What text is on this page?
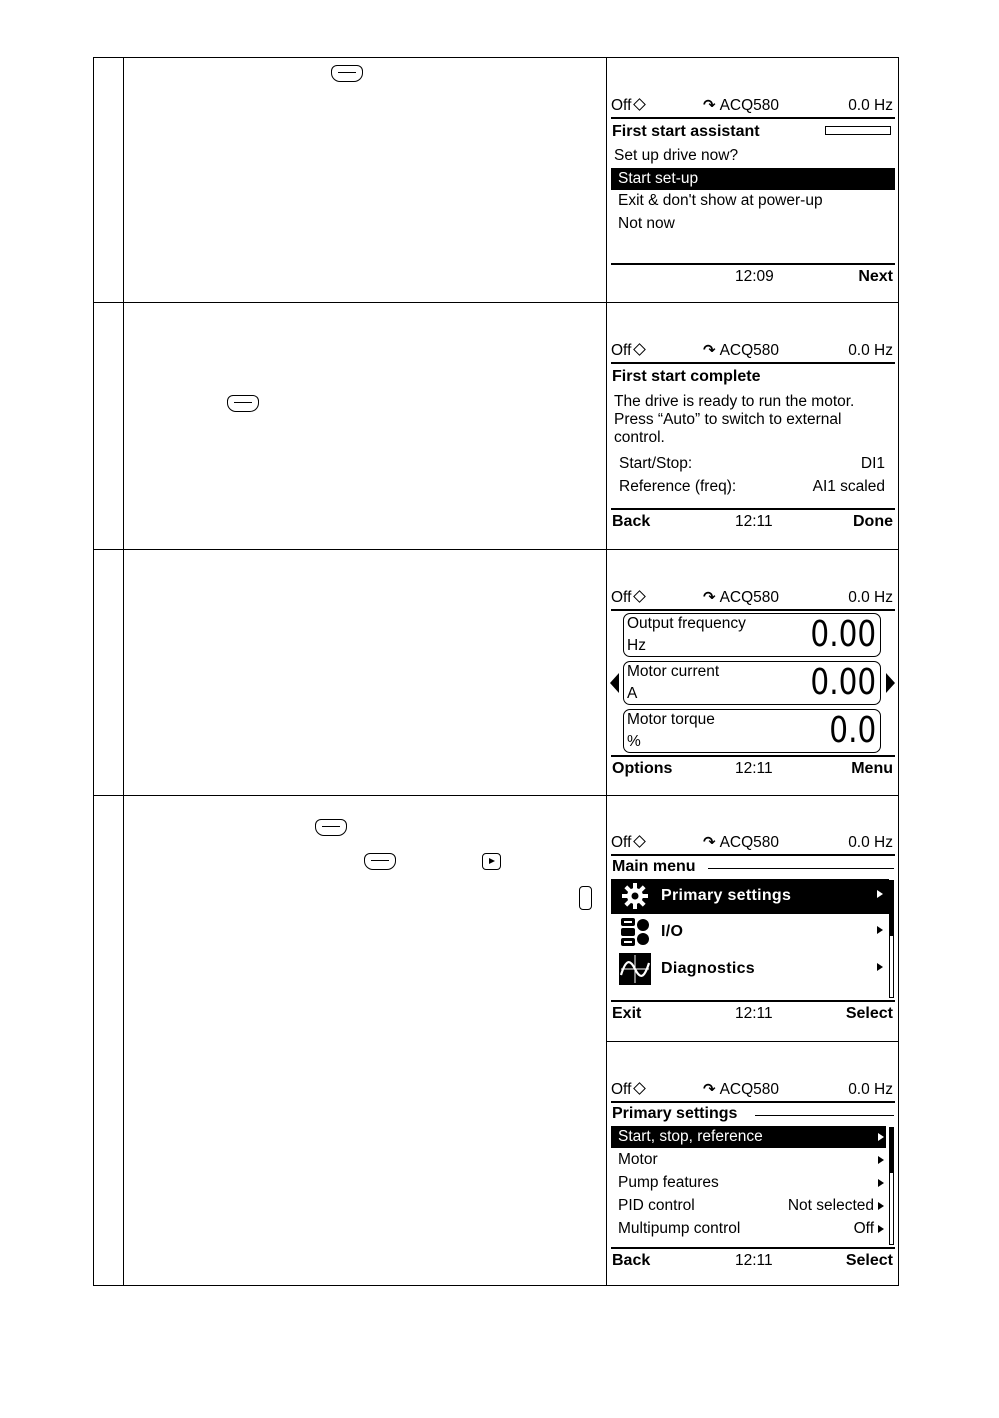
Off	↷ ACQ580	0.0 Hz
First start assistant
Set up drive now?
Start set-up
Exit & don't show at power-up
Not now
12:09	Next
Off	↷ ACQ580	0.0 Hz
First start complete
The drive is ready to run the motor.
Press “Auto” to switch to external
control.
Start/Stop:	DI1
Reference (freq):	AI1 scaled
Back	12:11	Done
Off	↷ ACQ580	0.0 Hz
Output frequency
Hz	0.00
Motor current
A	0.00
Motor torque
%	0.0
Options	12:11	Menu
Off	↷ ACQ580	0.0 Hz
Main menu
Primary settings
I/O
Diagnostics
Exit	12:11	Select
Off	↷ ACQ580	0.0 Hz
Primary settings
Start, stop, reference
Motor
Pump features
PID control	Not selected
Multipump control	Off
Back	12:11	Select
